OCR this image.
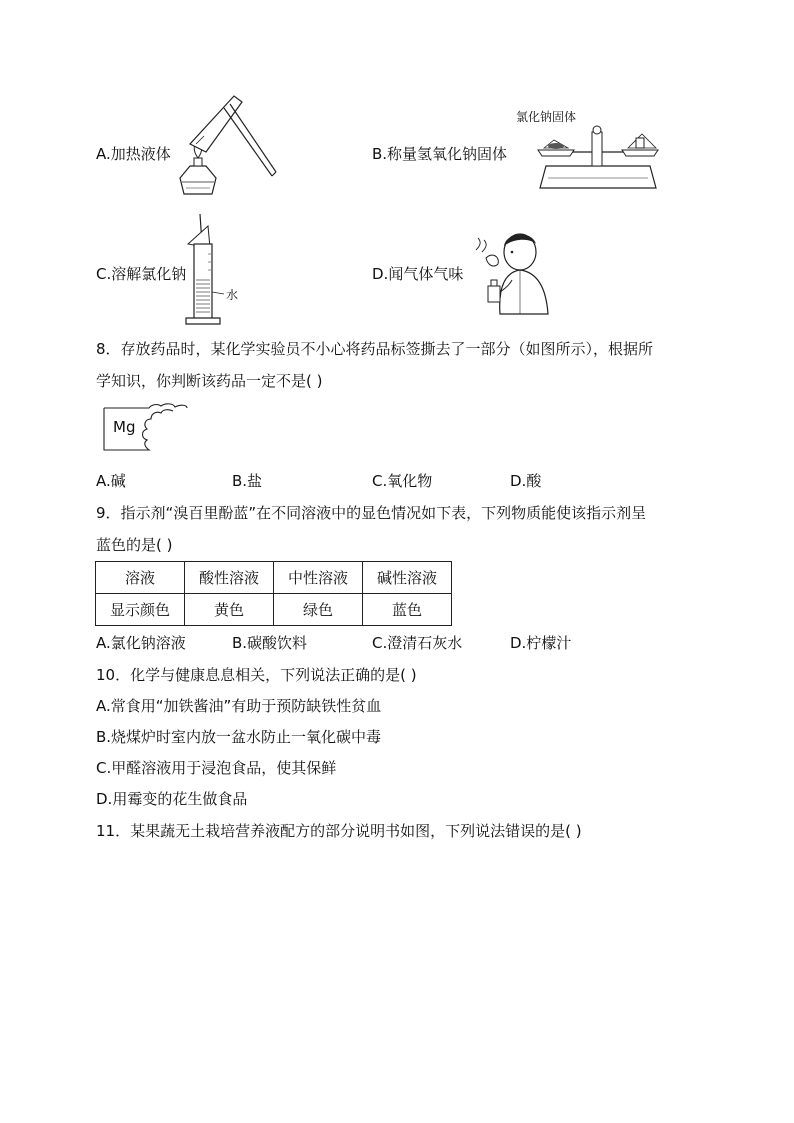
A.加热液体	B.称量氢氧化钠固体
氯化钠固体
C.溶解氯化钠
水
D.闻气体气味
8．存放药品时，某化学实验员不小心将药品标签撕去了一部分（如图所示），根据所
学知识，你判断该药品一定不是( )
Mg
A.碱	B.盐	C.氧化物	D.酸
9．指示剂“溴百里酚蓝”在不同溶液中的显色情况如下表，下列物质能使该指示剂呈
蓝色的是( )
溶液	酸性溶液	中性溶液	碱性溶液
显示颜色	黄色	绿色	蓝色
A.氯化钠溶液	B.碳酸饮料	C.澄清石灰水	D.柠檬汁
10．化学与健康息息相关，下列说法正确的是( )
A.常食用“加铁酱油”有助于预防缺铁性贫血
B.烧煤炉时室内放一盆水防止一氧化碳中毒
C.甲醛溶液用于浸泡食品，使其保鲜
D.用霉变的花生做食品
11．某果蔬无土栽培营养液配方的部分说明书如图，下列说法错误的是( )
